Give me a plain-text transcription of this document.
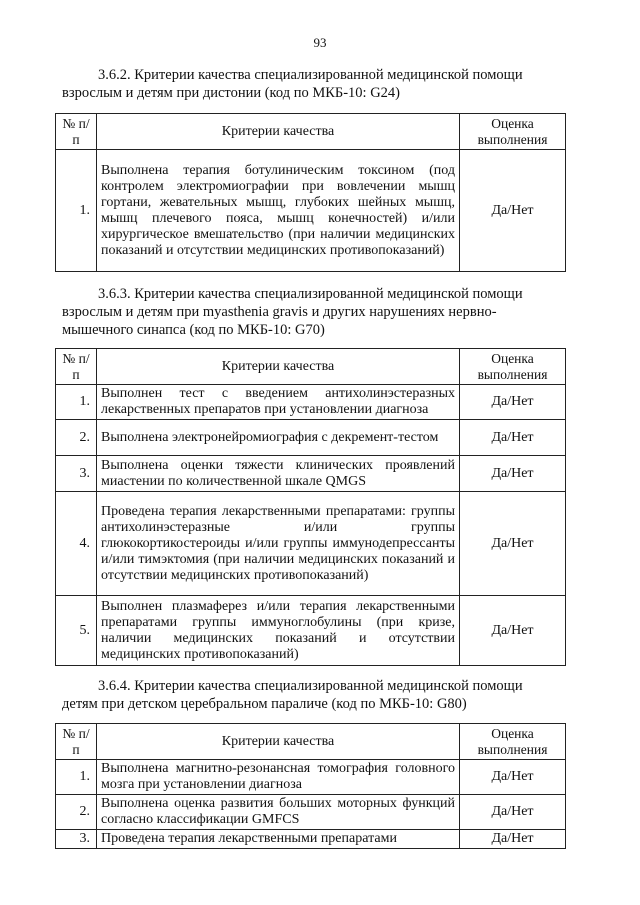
93
3.6.2. Критерии качества специализированной медицинской помощи
взрослым и детям при дистонии (код по МКБ-10: G24)
№ п/п	Критерии качества	Оценка выполнения
1.	Выполнена терапия ботулиническим токсином (под контролем электромиографии при вовлечении мышц гортани, жевательных мышц, глубоких шейных мышц, мышц плечевого пояса, мышц конечностей) и/или хирургическое вмешательство (при наличии медицинских показаний и отсутствии медицинских противопоказаний)	Да/Нет
3.6.3. Критерии качества специализированной медицинской помощи
взрослым и детям при myasthenia gravis и других нарушениях нервно-
мышечного синапса (код по МКБ-10: G70)
№ п/п	Критерии качества	Оценка выполнения
1.	Выполнен тест с введением антихолинэстеразных лекарственных препаратов при установлении диагноза	Да/Нет
2.	Выполнена электронейромиография с декремент-тестом	Да/Нет
3.	Выполнена оценки тяжести клинических проявлений миастении по количественной шкале QMGS	Да/Нет
4.	Проведена терапия лекарственными препаратами: группы антихолинэстеразные и/или группы глюкокортикостероиды и/или группы иммунодепрессанты и/или тимэктомия (при наличии медицинских показаний и отсутствии медицинских противопоказаний)	Да/Нет
5.	Выполнен плазмаферез и/или терапия лекарственными препаратами группы иммуноглобулины (при кризе, наличии медицинских показаний и отсутствии медицинских противопоказаний)	Да/Нет
3.6.4. Критерии качества специализированной медицинской помощи
детям при детском церебральном параличе (код по МКБ-10: G80)
№ п/п	Критерии качества	Оценка выполнения
1.	Выполнена магнитно-резонансная томография головного мозга при установлении диагноза	Да/Нет
2.	Выполнена оценка развития больших моторных функций согласно классификации GMFCS	Да/Нет
3.	Проведена терапия лекарственными препаратами	Да/Нет
